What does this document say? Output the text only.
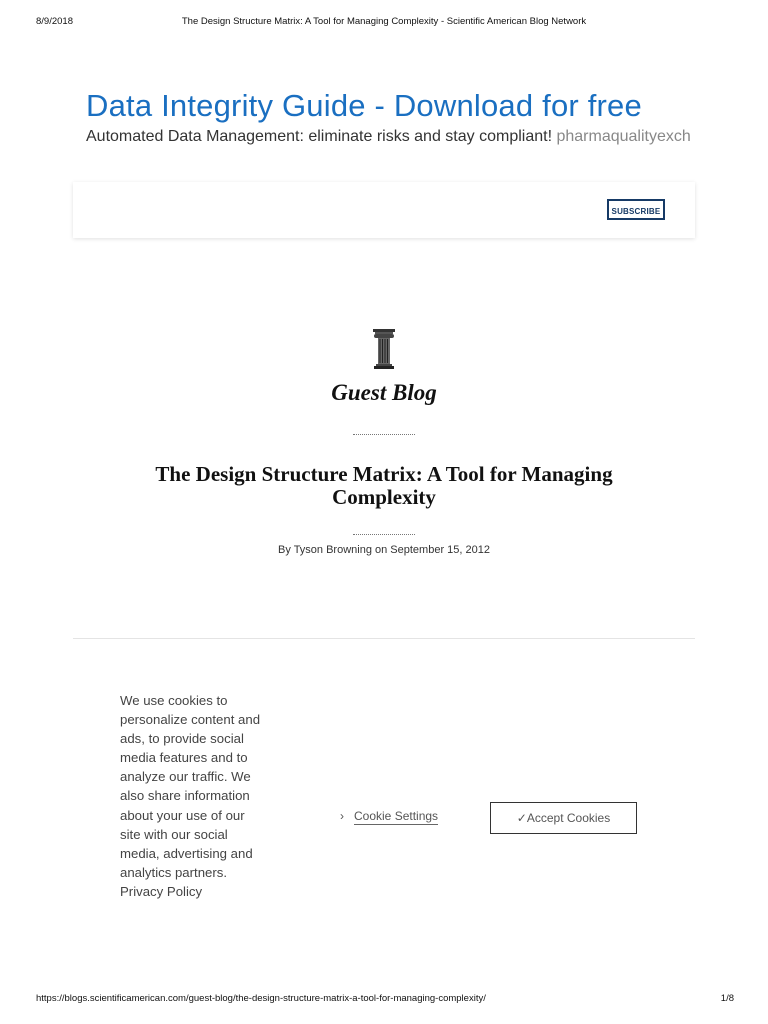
8/9/2018	The Design Structure Matrix: A Tool for Managing Complexity - Scientific American Blog Network
Data Integrity Guide - Download for free
Automated Data Management: eliminate risks and stay compliant! pharmaqualityexch
SUBSCRIBE
Guest Blog
The Design Structure Matrix: A Tool for Managing Complexity
By Tyson Browning on September 15, 2012
We use cookies to personalize content and ads, to provide social media features and to analyze our traffic. We also share information about your use of our site with our social media, advertising and analytics partners. Privacy Policy
› Cookie Settings	✓Accept Cookies
https://blogs.scientificamerican.com/guest-blog/the-design-structure-matrix-a-tool-for-managing-complexity/	1/8
